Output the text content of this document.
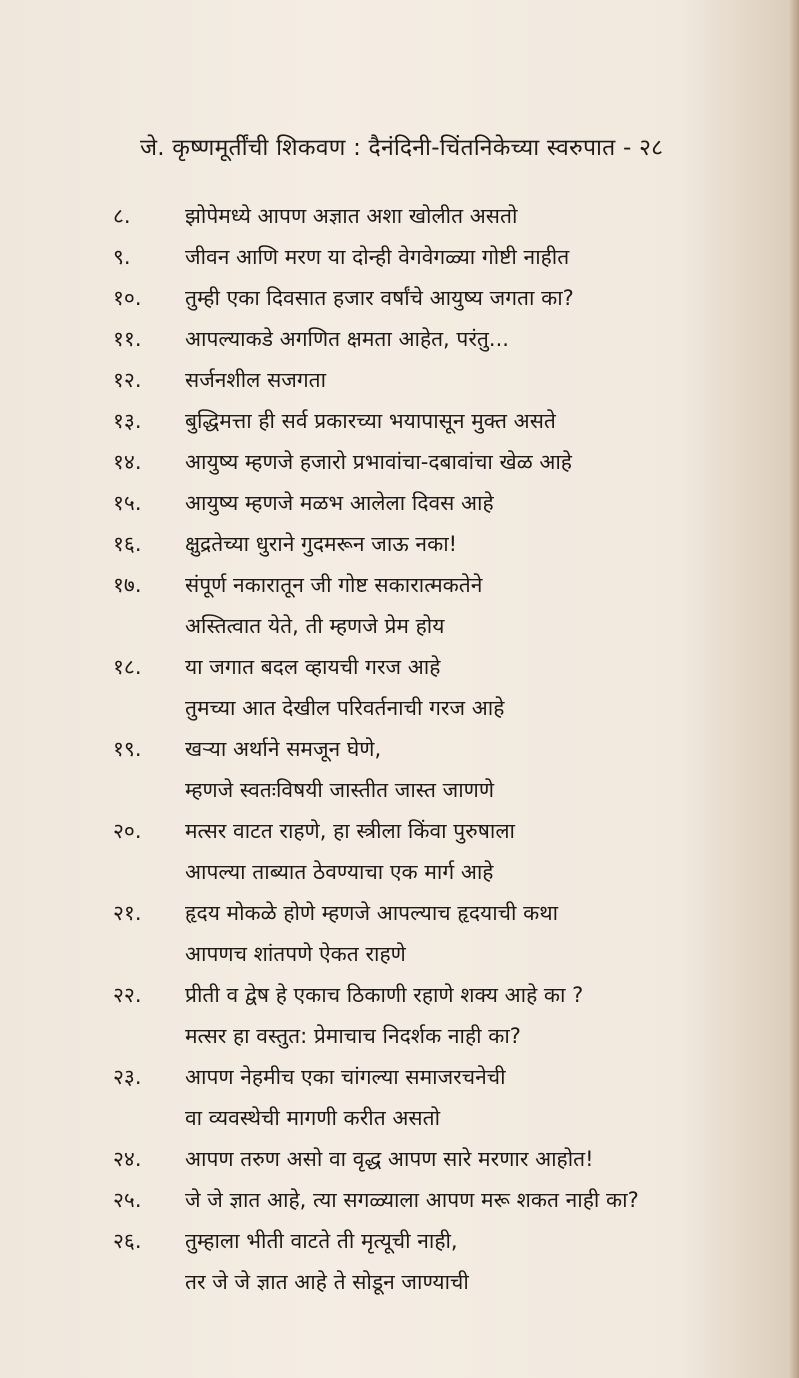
जे. कृष्णमूर्तींची शिकवण : दैनंदिनी-चिंतनिकेच्या स्वरुपात - २८
८.	झोपेमध्ये आपण अज्ञात अशा खोलीत असतो
९.	जीवन आणि मरण या दोन्ही वेगवेगळ्या गोष्टी नाहीत
१०.	तुम्ही एका दिवसात हजार वर्षांचे आयुष्य जगता का?
११.	आपल्याकडे अगणित क्षमता आहेत, परंतु...
१२.	सर्जनशील सजगता
१३.	बुद्धिमत्ता ही सर्व प्रकारच्या भयापासून मुक्त असते
१४.	आयुष्य म्हणजे हजारो प्रभावांचा-दबावांचा खेळ आहे
१५.	आयुष्य म्हणजे मळभ आलेला दिवस आहे
१६.	क्षुद्रतेच्या धुराने गुदमरून जाऊ नका!
१७.	संपूर्ण नकारातून जी गोष्ट सकारात्मकतेने
अस्तित्वात येते, ती म्हणजे प्रेम होय
१८.	या जगात बदल व्हायची गरज आहे
तुमच्या आत देखील परिवर्तनाची गरज आहे
१९.	खऱ्या अर्थाने समजून घेणे,
म्हणजे स्वतःविषयी जास्तीत जास्त जाणणे
२०.	मत्सर वाटत राहणे, हा स्त्रीला किंवा पुरुषाला
आपल्या ताब्यात ठेवण्याचा एक मार्ग आहे
२१.	हृदय मोकळे होणे म्हणजे आपल्याच हृदयाची कथा
आपणच शांतपणे ऐकत राहणे
२२.	प्रीती व द्वेष हे एकाच ठिकाणी रहाणे शक्य आहे का ?
मत्सर हा वस्तुत: प्रेमाचाच निदर्शक नाही का?
२३.	आपण नेहमीच एका चांगल्या समाजरचनेची
वा व्यवस्थेची मागणी करीत असतो
२४.	आपण तरुण असो वा वृद्ध आपण सारे मरणार आहोत!
२५.	जे जे ज्ञात आहे, त्या सगळ्याला आपण मरू शकत नाही का?
२६.	तुम्हाला भीती वाटते ती मृत्यूची नाही,
तर जे जे ज्ञात आहे ते सोडून जाण्याची
